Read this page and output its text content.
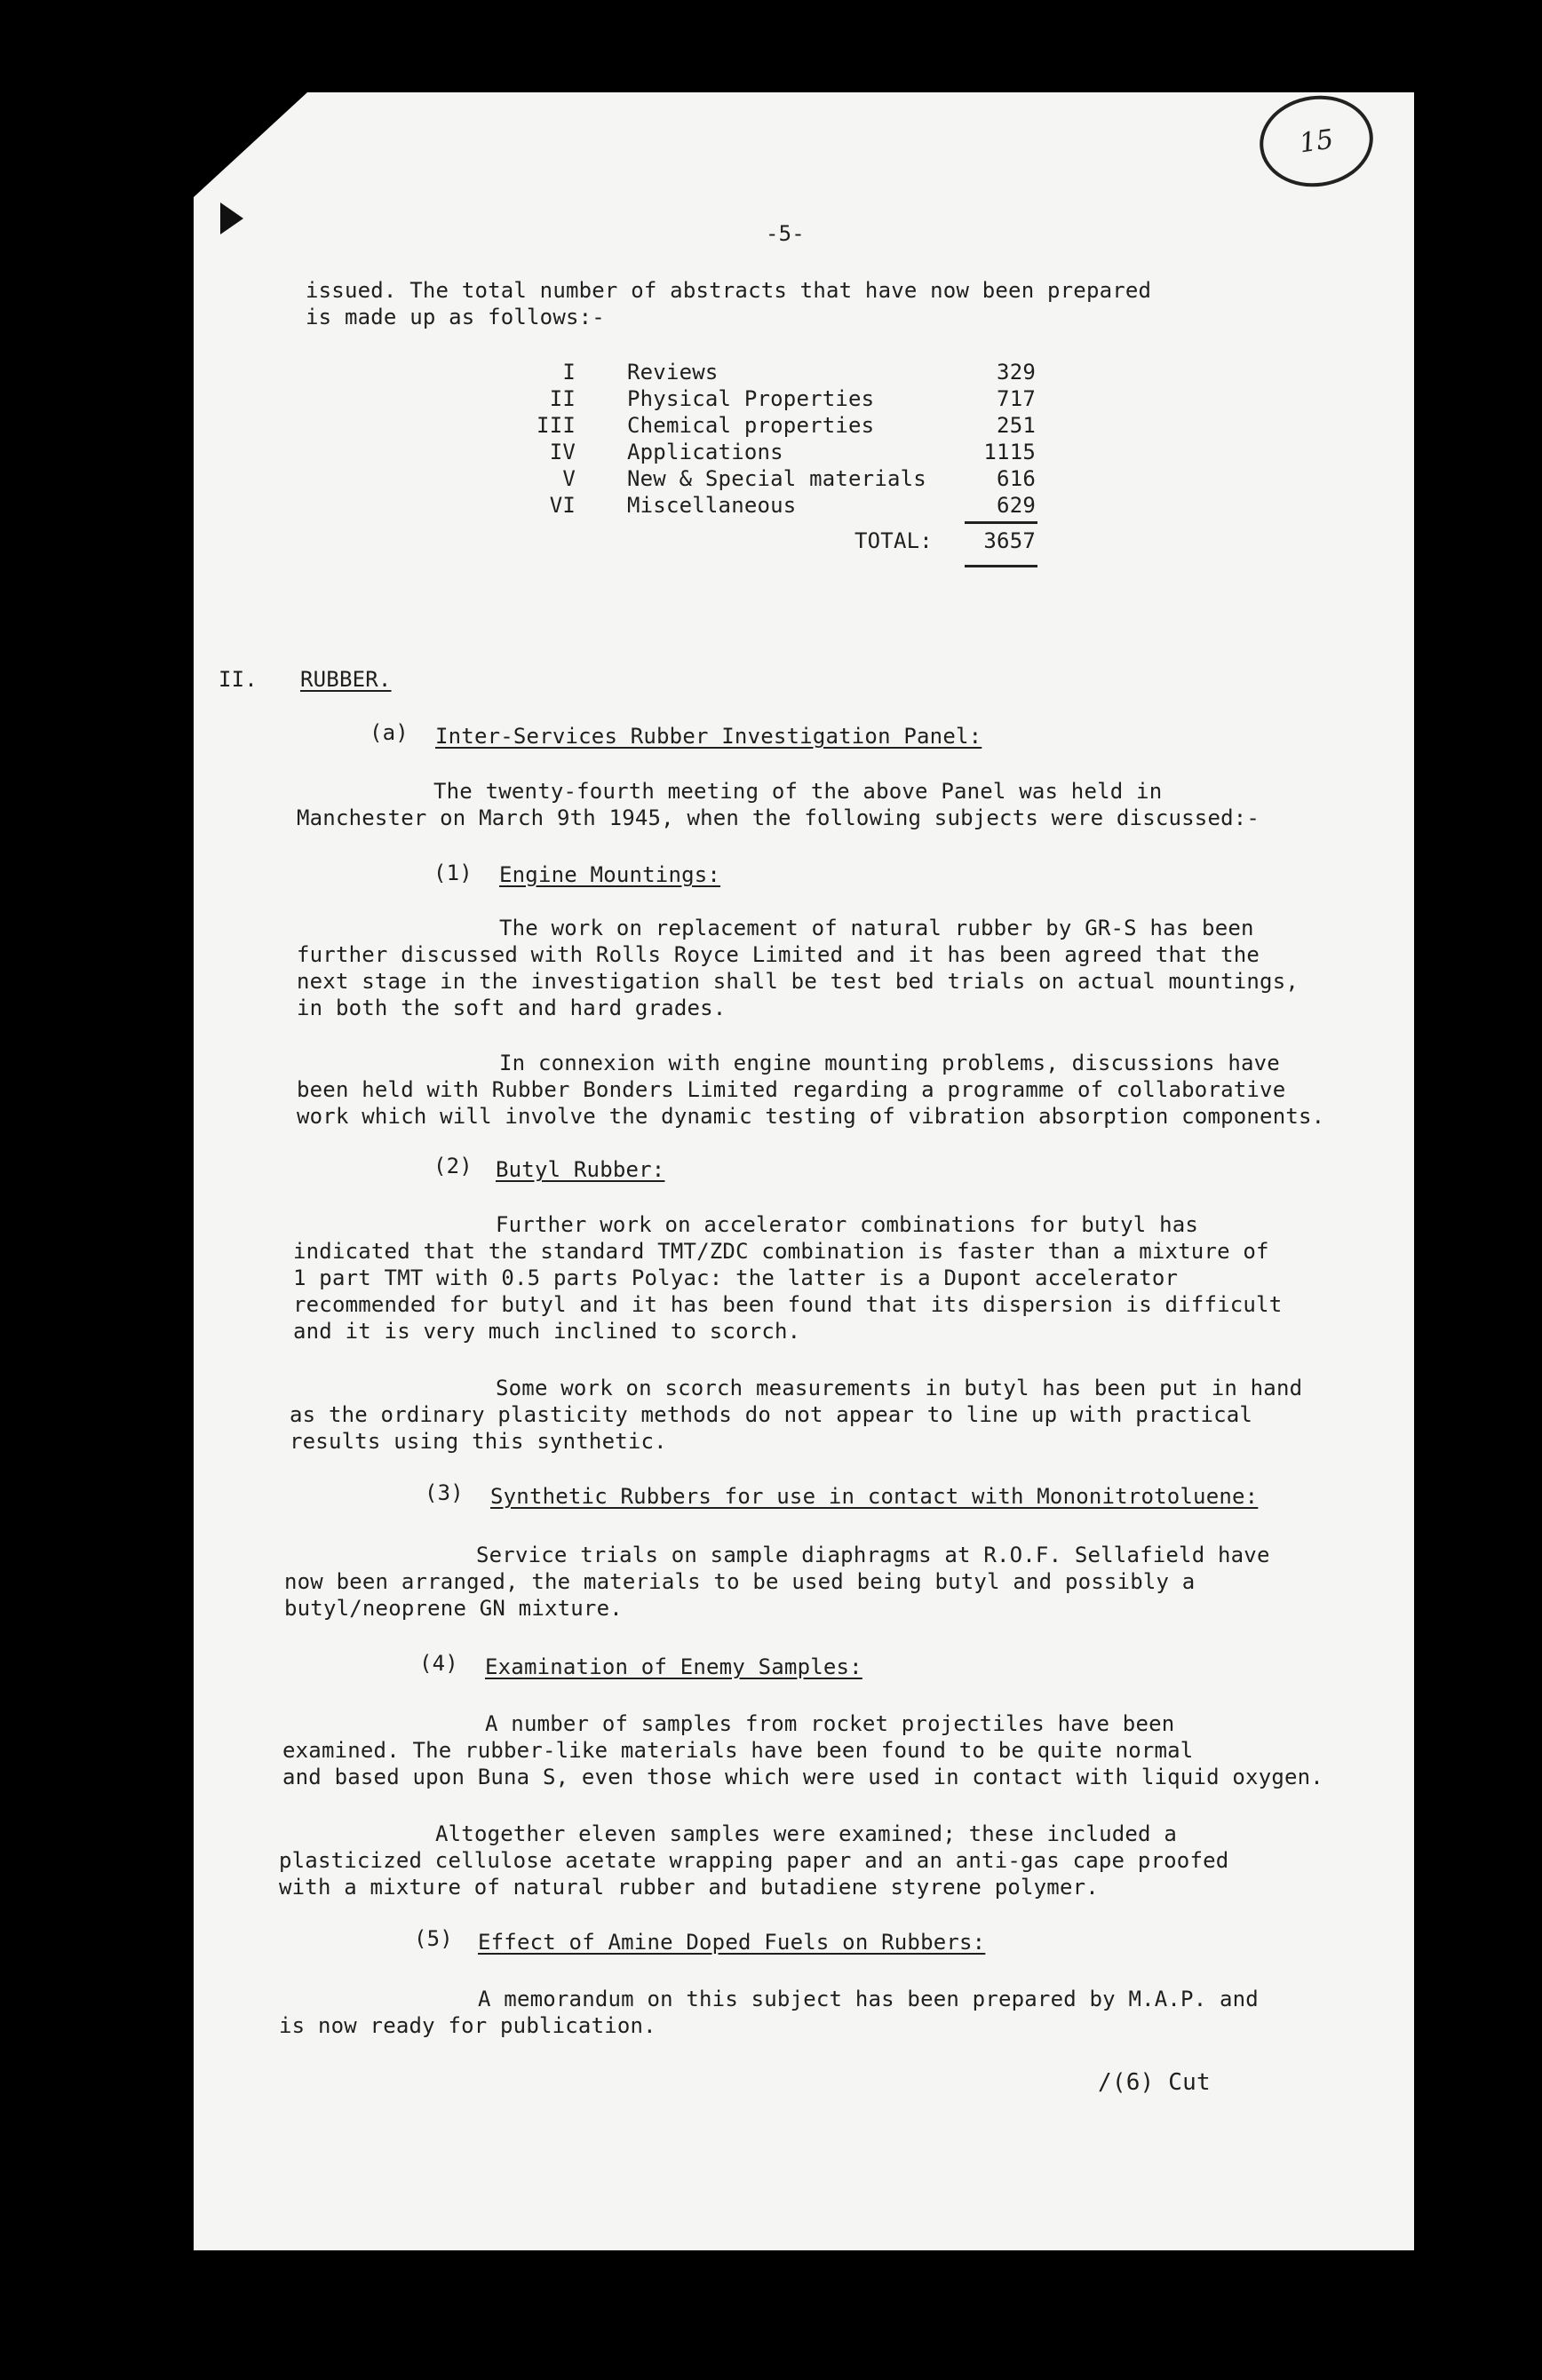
15
-5-
issued. The total number of abstracts that have now been prepared
is made up as follows:-
I Reviews	329
II Physical Properties	717
III Chemical properties	251
IV Applications	1115
V New & Special materials	616
VI Miscellaneous	629
TOTAL:	3657
II. RUBBER.
(a) Inter-Services Rubber Investigation Panel:
The twenty-fourth meeting of the above Panel was held in
Manchester on March 9th 1945, when the following subjects were discussed:-
(1) Engine Mountings:
The work on replacement of natural rubber by GR-S has been
further discussed with Rolls Royce Limited and it has been agreed that the
next stage in the investigation shall be test bed trials on actual mountings,
in both the soft and hard grades.
In connexion with engine mounting problems, discussions have
been held with Rubber Bonders Limited regarding a programme of collaborative
work which will involve the dynamic testing of vibration absorption components.
(2) Butyl Rubber:
Further work on accelerator combinations for butyl has
indicated that the standard TMT/ZDC combination is faster than a mixture of
1 part TMT with 0.5 parts Polyac: the latter is a Dupont accelerator
recommended for butyl and it has been found that its dispersion is difficult
and it is very much inclined to scorch.
Some work on scorch measurements in butyl has been put in hand
as the ordinary plasticity methods do not appear to line up with practical
results using this synthetic.
(3) Synthetic Rubbers for use in contact with Mononitrotoluene:
Service trials on sample diaphragms at R.O.F. Sellafield have
now been arranged, the materials to be used being butyl and possibly a
butyl/neoprene GN mixture.
(4) Examination of Enemy Samples:
A number of samples from rocket projectiles have been
examined. The rubber-like materials have been found to be quite normal
and based upon Buna S, even those which were used in contact with liquid oxygen.
Altogether eleven samples were examined; these included a
plasticized cellulose acetate wrapping paper and an anti-gas cape proofed
with a mixture of natural rubber and butadiene styrene polymer.
(5) Effect of Amine Doped Fuels on Rubbers:
A memorandum on this subject has been prepared by M.A.P. and
is now ready for publication.
/(6) Cut
